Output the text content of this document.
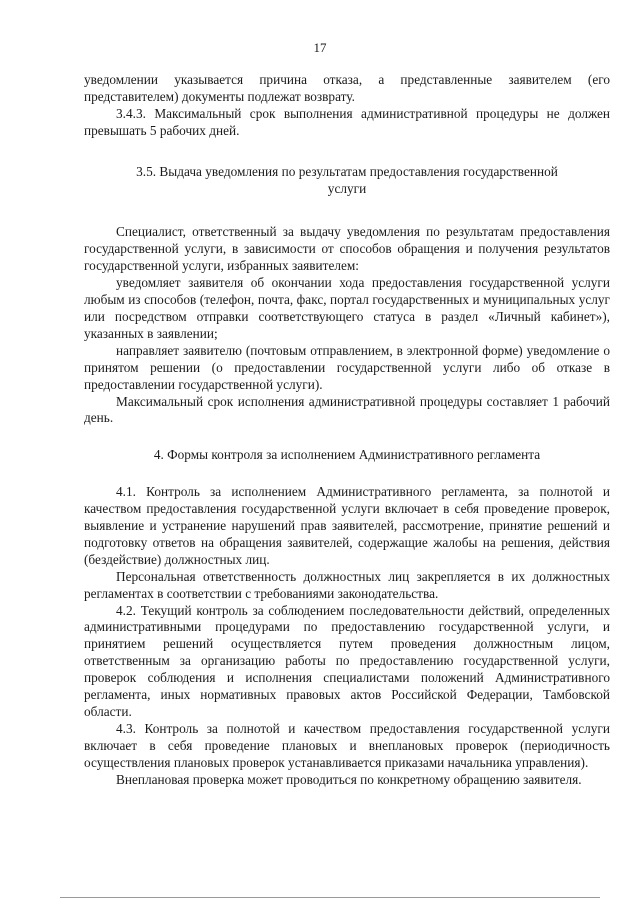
17

уведомлении указывается причина отказа, а представленные заявителем (его представителем) документы подлежат возврату.

3.4.3. Максимальный срок выполнения административной процедуры не должен превышать 5 рабочих дней.

3.5. Выдача уведомления по результатам предоставления государственной услуги

Специалист, ответственный за выдачу уведомления по результатам предоставления государственной услуги, в зависимости от способов обращения и получения результатов государственной услуги, избранных заявителем:

уведомляет заявителя об окончании хода предоставления государственной услуги любым из способов (телефон, почта, факс, портал государственных и муниципальных услуг или посредством отправки соответствующего статуса в раздел «Личный кабинет»), указанных в заявлении;

направляет заявителю (почтовым отправлением, в электронной форме) уведомление о принятом решении (о предоставлении государственной услуги либо об отказе в предоставлении государственной услуги).

Максимальный срок исполнения административной процедуры составляет 1 рабочий день.

4. Формы контроля за исполнением Административного регламента

4.1. Контроль за исполнением Административного регламента, за полнотой и качеством предоставления государственной услуги включает в себя проведение проверок, выявление и устранение нарушений прав заявителей, рассмотрение, принятие решений и подготовку ответов на обращения заявителей, содержащие жалобы на решения, действия (бездействие) должностных лиц.

Персональная ответственность должностных лиц закрепляется в их должностных регламентах в соответствии с требованиями законодательства.

4.2. Текущий контроль за соблюдением последовательности действий, определенных административными процедурами по предоставлению государственной услуги, и принятием решений осуществляется путем проведения должностным лицом, ответственным за организацию работы по предоставлению государственной услуги, проверок соблюдения и исполнения специалистами положений Административного регламента, иных нормативных правовых актов Российской Федерации, Тамбовской области.

4.3. Контроль за полнотой и качеством предоставления государственной услуги включает в себя проведение плановых и внеплановых проверок (периодичность осуществления плановых проверок устанавливается приказами начальника управления).

Внеплановая проверка может проводиться по конкретному обращению заявителя.
